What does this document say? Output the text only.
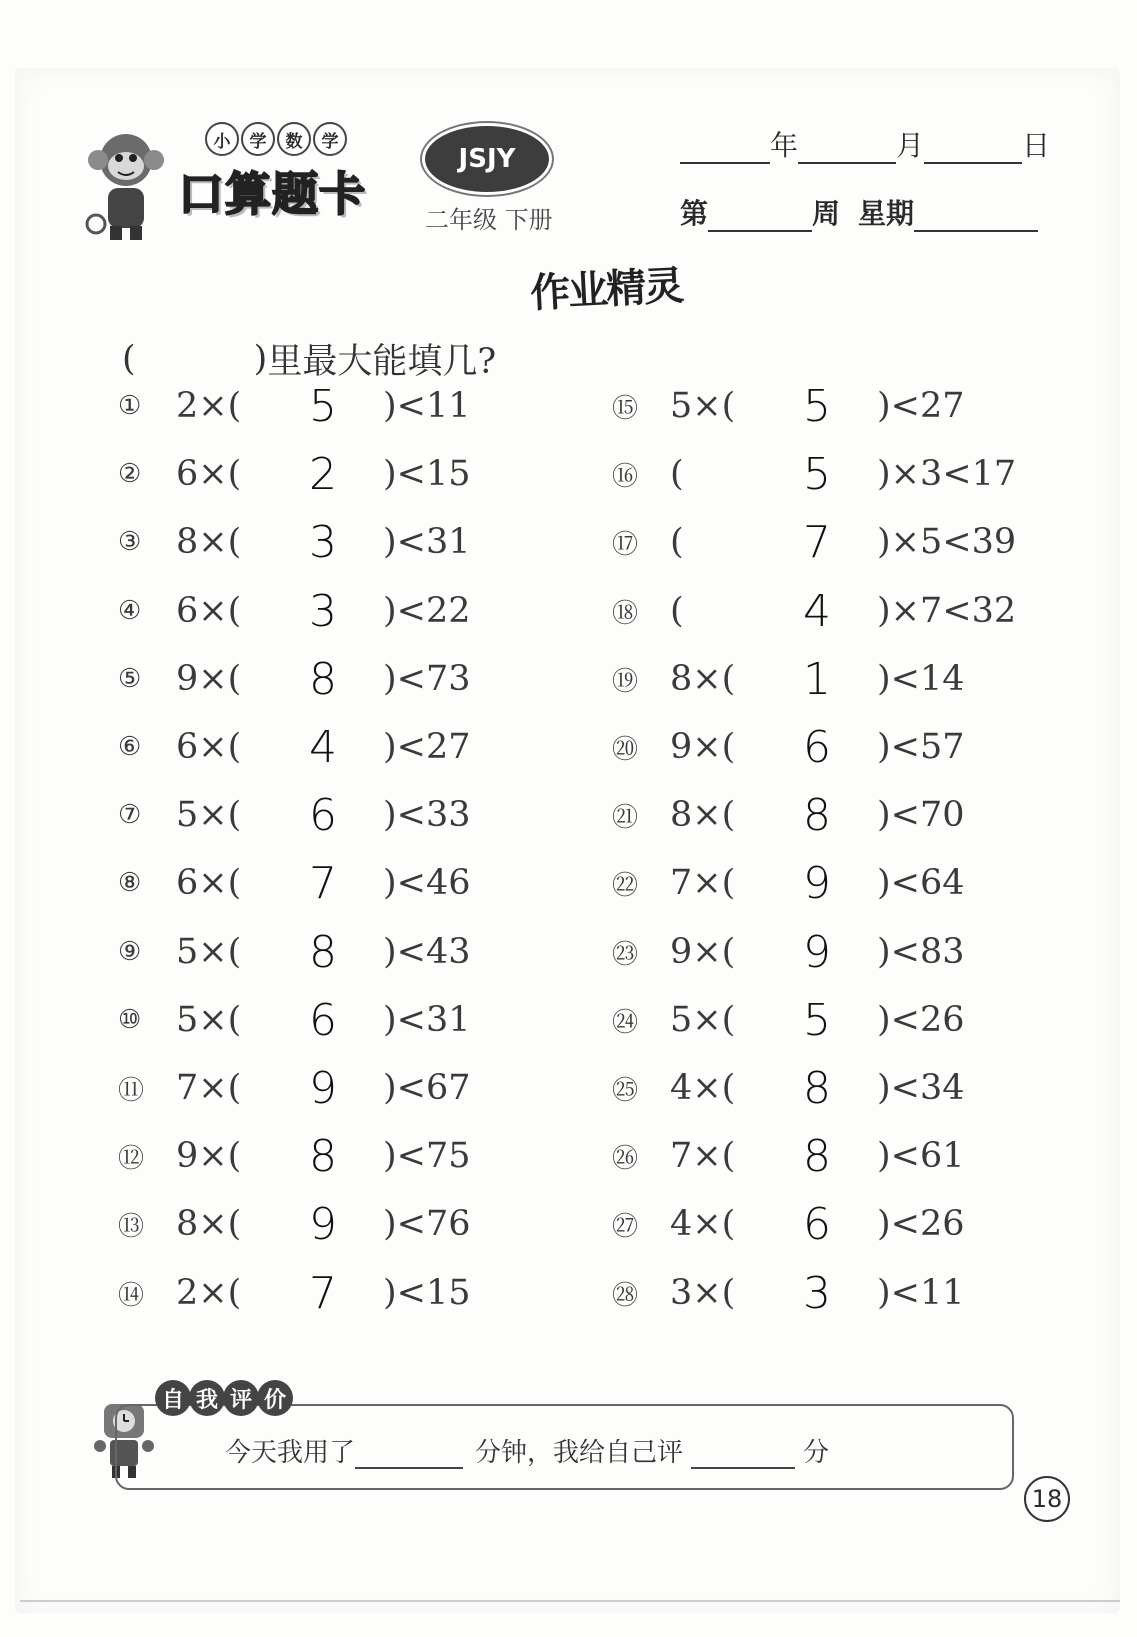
小	学	数	学
口算题卡
JSJY
二年级 下册
年	月	日
第	周 星期
作业精灵
(	) 里最大能填几?
① 2×( 5	)<11
② 6×( 2	)<15
③ 8×( 3	)<31
④ 6×( 3	)<22
⑤ 9×( 8	)<73
⑥ 6×( 4	)<27
⑦ 5×( 6	)<33
⑧ 6×( 7	)<46
⑨ 5×( 8	)<43
⑩ 5×( 6	)<31
⑪ 7×( 9	)<67
⑫ 9×( 8	)<75
⑬ 8×( 9	)<76
⑭ 2×( 7	)<15
⑮ 5×( 5	)<27
⑯ (	5	)×3<17
⑰ (	7	)×5<39
⑱ (	4	)×7<32
⑲ 8×( 1	)<14
⑳ 9×( 6	)<57
㉑ 8×( 8	)<70
㉒ 7×( 9	)<64
㉓ 9×( 9	)<83
㉔ 5×( 5	)<26
㉕ 4×( 8	)<34
㉖ 7×( 8	)<61
㉗ 4×( 6	)<26
㉘ 3×( 3	)<11
自 我 评 价
今天我用了	分钟，我给自己评	分
18
